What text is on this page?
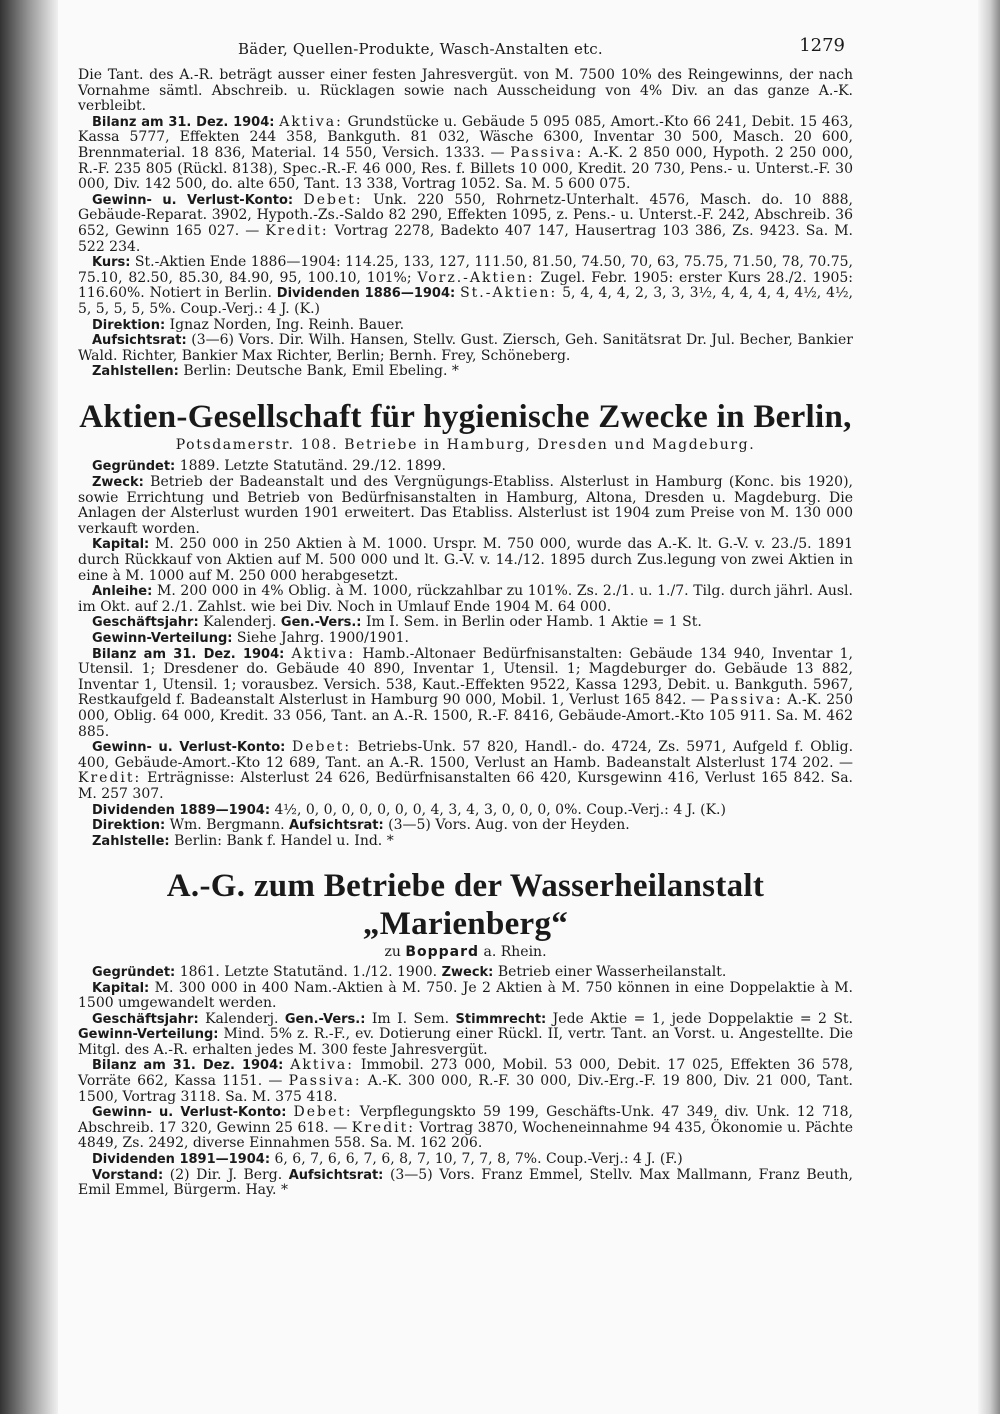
Bäder, Quellen-Produkte, Wasch-Anstalten etc.	1279

Die Tant. des A.-R. beträgt ausser einer festen Jahresvergüt. von M. 7500 10% des Reingewinns, der nach Vornahme sämtl. Abschreib. u. Rücklagen sowie nach Ausscheidung von 4% Div. an das ganze A.-K. verbleibt.

Bilanz am 31. Dez. 1904: Aktiva: Grundstücke u. Gebäude 5 095 085, Amort.-Kto 66 241, Debit. 15 463, Kassa 5777, Effekten 244 358, Bankguth. 81 032, Wäsche 6300, Inventar 30 500, Masch. 20 600, Brennmaterial. 18 836, Material. 14 550, Versich. 1333. — Passiva: A.-K. 2 850 000, Hypoth. 2 250 000, R.-F. 235 805 (Rückl. 8138), Spec.-R.-F. 46 000, Res. f. Billets 10 000, Kredit. 20 730, Pens.- u. Unterst.-F. 30 000, Div. 142 500, do. alte 650, Tant. 13 338, Vortrag 1052. Sa. M. 5 600 075.

Gewinn- u. Verlust-Konto: Debet: Unk. 220 550, Rohrnetz-Unterhalt. 4576, Masch. do. 10 888, Gebäude-Reparat. 3902, Hypoth.-Zs.-Saldo 82 290, Effekten 1095, z. Pens.- u. Unterst.-F. 242, Abschreib. 36 652, Gewinn 165 027. — Kredit: Vortrag 2278, Badekto 407 147, Hausertrag 103 386, Zs. 9423. Sa. M. 522 234.

Kurs: St.-Aktien Ende 1886—1904: 114.25, 133, 127, 111.50, 81.50, 74.50, 70, 63, 75.75, 71.50, 78, 70.75, 75.10, 82.50, 85.30, 84.90, 95, 100.10, 101%; Vorz.-Aktien: Zugel. Febr. 1905: erster Kurs 28./2. 1905: 116.60%. Notiert in Berlin. Dividenden 1886—1904: St.-Aktien: 5, 4, 4, 4, 2, 3, 3, 3½, 4, 4, 4, 4, 4½, 4½, 5, 5, 5, 5, 5%. Coup.-Verj.: 4 J. (K.)

Direktion: Ignaz Norden, Ing. Reinh. Bauer.

Aufsichtsrat: (3—6) Vors. Dir. Wilh. Hansen, Stellv. Gust. Ziersch, Geh. Sanitätsrat Dr. Jul. Becher, Bankier Wald. Richter, Bankier Max Richter, Berlin; Bernh. Frey, Schöneberg.

Zahlstellen: Berlin: Deutsche Bank, Emil Ebeling. *

Aktien-Gesellschaft für hygienische Zwecke in Berlin,
Potsdamerstr. 108. Betriebe in Hamburg, Dresden und Magdeburg.

Gegründet: 1889. Letzte Statutänd. 29./12. 1899.

Zweck: Betrieb der Badeanstalt und des Vergnügungs-Etabliss. Alsterlust in Hamburg (Konc. bis 1920), sowie Errichtung und Betrieb von Bedürfnisanstalten in Hamburg, Altona, Dresden u. Magdeburg. Die Anlagen der Alsterlust wurden 1901 erweitert. Das Etabliss. Alsterlust ist 1904 zum Preise von M. 130 000 verkauft worden.

Kapital: M. 250 000 in 250 Aktien à M. 1000. Urspr. M. 750 000, wurde das A.-K. lt. G.-V. v. 23./5. 1891 durch Rückkauf von Aktien auf M. 500 000 und lt. G.-V. v. 14./12. 1895 durch Zus.legung von zwei Aktien in eine à M. 1000 auf M. 250 000 herabgesetzt.

Anleihe: M. 200 000 in 4% Oblig. à M. 1000, rückzahlbar zu 101%. Zs. 2./1. u. 1./7. Tilg. durch jährl. Ausl. im Okt. auf 2./1. Zahlst. wie bei Div. Noch in Umlauf Ende 1904 M. 64 000.

Geschäftsjahr: Kalenderj. Gen.-Vers.: Im I. Sem. in Berlin oder Hamb. 1 Aktie = 1 St.

Gewinn-Verteilung: Siehe Jahrg. 1900/1901.

Bilanz am 31. Dez. 1904: Aktiva: Hamb.-Altonaer Bedürfnisanstalten: Gebäude 134 940, Inventar 1, Utensil. 1; Dresdener do. Gebäude 40 890, Inventar 1, Utensil. 1; Magdeburger do. Gebäude 13 882, Inventar 1, Utensil. 1; vorausbez. Versich. 538, Kaut.-Effekten 9522, Kassa 1293, Debit. u. Bankguth. 5967, Restkaufgeld f. Badeanstalt Alsterlust in Hamburg 90 000, Mobil. 1, Verlust 165 842. — Passiva: A.-K. 250 000, Oblig. 64 000, Kredit. 33 056, Tant. an A.-R. 1500, R.-F. 8416, Gebäude-Amort.-Kto 105 911. Sa. M. 462 885.

Gewinn- u. Verlust-Konto: Debet: Betriebs-Unk. 57 820, Handl.- do. 4724, Zs. 5971, Aufgeld f. Oblig. 400, Gebäude-Amort.-Kto 12 689, Tant. an A.-R. 1500, Verlust an Hamb. Badeanstalt Alsterlust 174 202. — Kredit: Erträgnisse: Alsterlust 24 626, Bedürfnisanstalten 66 420, Kursgewinn 416, Verlust 165 842. Sa. M. 257 307.

Dividenden 1889—1904: 4½, 0, 0, 0, 0, 0, 0, 0, 4, 3, 4, 3, 0, 0, 0, 0%. Coup.-Verj.: 4 J. (K.)

Direktion: Wm. Bergmann. Aufsichtsrat: (3—5) Vors. Aug. von der Heyden.

Zahlstelle: Berlin: Bank f. Handel u. Ind. *

A.-G. zum Betriebe der Wasserheilanstalt „Marienberg“
zu Boppard a. Rhein.

Gegründet: 1861. Letzte Statutänd. 1./12. 1900. Zweck: Betrieb einer Wasserheilanstalt.

Kapital: M. 300 000 in 400 Nam.-Aktien à M. 750. Je 2 Aktien à M. 750 können in eine Doppelaktie à M. 1500 umgewandelt werden.

Geschäftsjahr: Kalenderj. Gen.-Vers.: Im I. Sem. Stimmrecht: Jede Aktie = 1, jede Doppelaktie = 2 St. Gewinn-Verteilung: Mind. 5% z. R.-F., ev. Dotierung einer Rückl. II, vertr. Tant. an Vorst. u. Angestellte. Die Mitgl. des A.-R. erhalten jedes M. 300 feste Jahresvergüt.

Bilanz am 31. Dez. 1904: Aktiva: Immobil. 273 000, Mobil. 53 000, Debit. 17 025, Effekten 36 578, Vorräte 662, Kassa 1151. — Passiva: A.-K. 300 000, R.-F. 30 000, Div.-Erg.-F. 19 800, Div. 21 000, Tant. 1500, Vortrag 3118. Sa. M. 375 418.

Gewinn- u. Verlust-Konto: Debet: Verpflegungskto 59 199, Geschäfts-Unk. 47 349, div. Unk. 12 718, Abschreib. 17 320, Gewinn 25 618. — Kredit: Vortrag 3870, Wocheneinnahme 94 435, Ökonomie u. Pächte 4849, Zs. 2492, diverse Einnahmen 558. Sa. M. 162 206.

Dividenden 1891—1904: 6, 6, 7, 6, 6, 7, 6, 8, 7, 10, 7, 7, 8, 7%. Coup.-Verj.: 4 J. (F.)

Vorstand: (2) Dir. J. Berg. Aufsichtsrat: (3—5) Vors. Franz Emmel, Stellv. Max Mallmann, Franz Beuth, Emil Emmel, Bürgerm. Hay. *
